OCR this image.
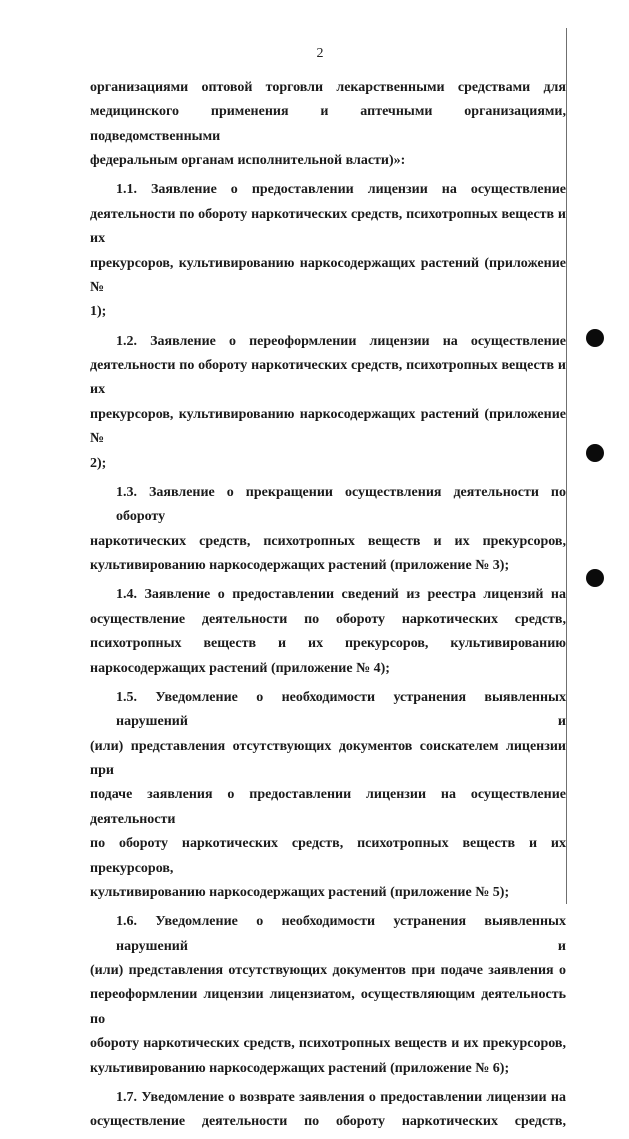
2

организациями оптовой торговли лекарственными средствами для
медицинского применения и аптечными организациями, подведомственными
федеральным органам исполнительной власти)»:

1.1. Заявление о предоставлении лицензии на осуществление
деятельности по обороту наркотических средств, психотропных веществ и их
прекурсоров, культивированию наркосодержащих растений (приложение №
1);

1.2. Заявление о переоформлении лицензии на осуществление
деятельности по обороту наркотических средств, психотропных веществ и их
прекурсоров, культивированию наркосодержащих растений (приложение №
2);

1.3. Заявление о прекращении осуществления деятельности по обороту
наркотических средств, психотропных веществ и их прекурсоров,
культивированию наркосодержащих растений (приложение № 3);

1.4. Заявление о предоставлении сведений из реестра лицензий на
осуществление деятельности по обороту наркотических средств,
психотропных веществ и их прекурсоров, культивированию
наркосодержащих растений (приложение № 4);

1.5. Уведомление о необходимости устранения выявленных нарушений и
(или) представления отсутствующих документов соискателем лицензии при
подаче заявления о предоставлении лицензии на осуществление деятельности
по обороту наркотических средств, психотропных веществ и их прекурсоров,
культивированию наркосодержащих растений (приложение № 5);

1.6. Уведомление о необходимости устранения выявленных нарушений и
(или) представления отсутствующих документов при подаче заявления о
переоформлении лицензии лицензиатом, осуществляющим деятельность по
обороту наркотических средств, психотропных веществ и их прекурсоров,
культивированию наркосодержащих растений (приложение № 6);

1.7. Уведомление о возврате заявления о предоставлении лицензии на
осуществление деятельности по обороту наркотических средств,
